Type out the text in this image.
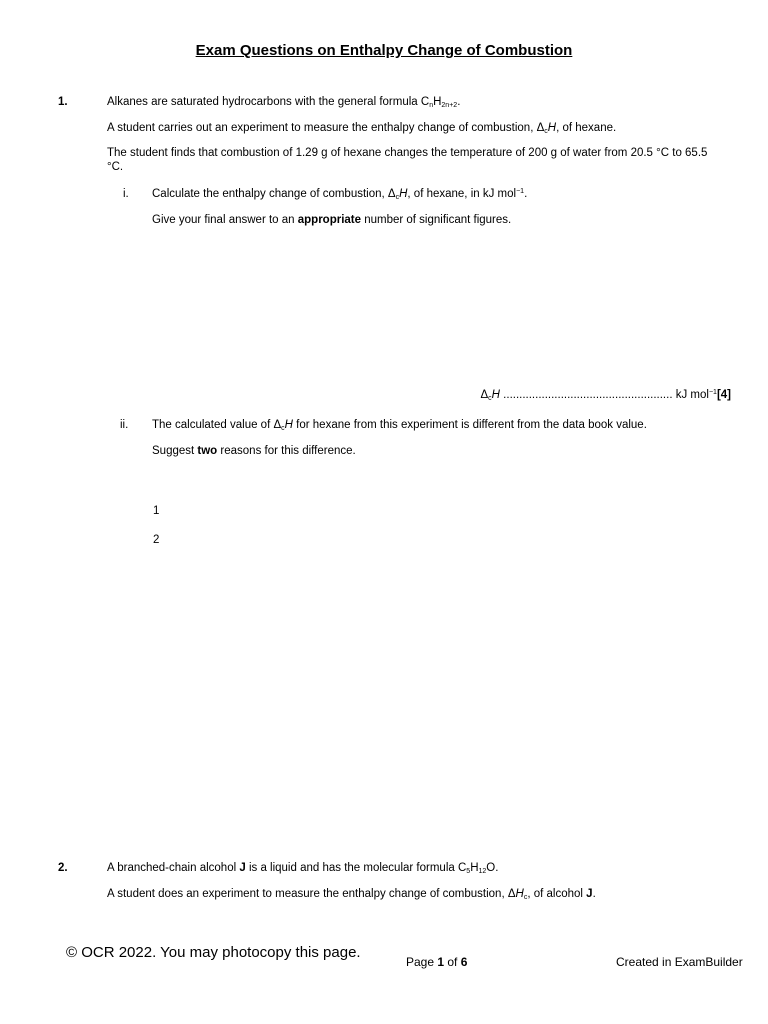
Exam Questions on Enthalpy Change of Combustion
1.	Alkanes are saturated hydrocarbons with the general formula $C_nH_{2n+2}$.
A student carries out an experiment to measure the enthalpy change of combustion, $\Delta_cH$, of hexane.
The student finds that combustion of 1.29 g of hexane changes the temperature of 200 g of water from 20.5 °C to 65.5 °C.
i. Calculate the enthalpy change of combustion, $\Delta_cH$, of hexane, in kJ mol$^{-1}$.
Give your final answer to an appropriate number of significant figures.
$\Delta_cH$ ..................................................... kJ mol$^{-1}$[4]
ii. The calculated value of $\Delta_cH$ for hexane from this experiment is different from the data book value.
Suggest two reasons for this difference.
1
2
2.	A branched-chain alcohol J is a liquid and has the molecular formula $C_5H_{12}O$.
A student does an experiment to measure the enthalpy change of combustion, $\Delta H_c$, of alcohol J.
© OCR 2022. You may photocopy this page.
Page 1 of 6	Created in ExamBuilder
